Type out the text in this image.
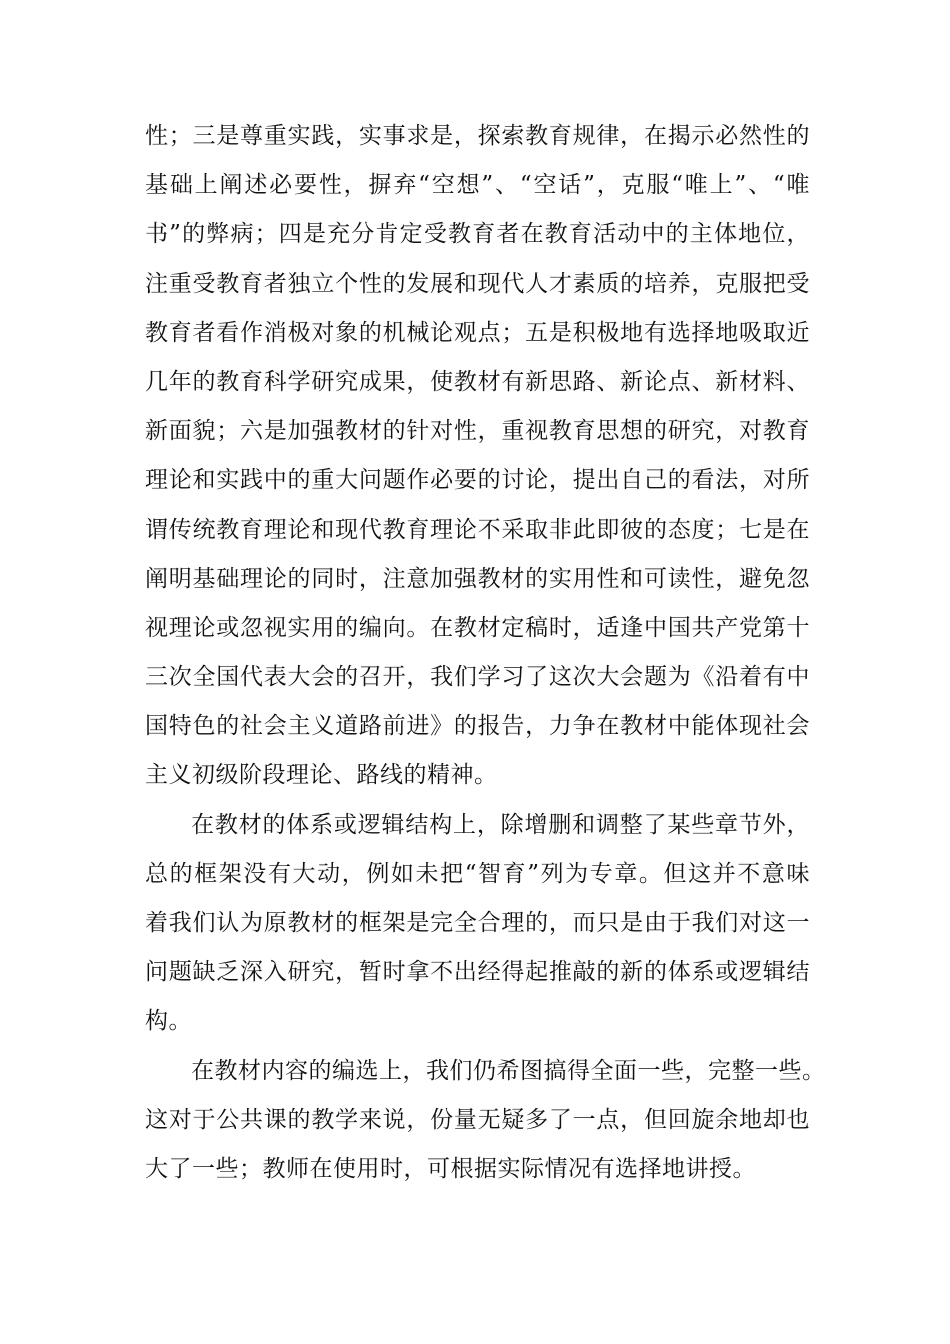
性；三是尊重实践，实事求是，探索教育规律，在揭示必然性的
基础上阐述必要性，摒弃“空想”、“空话”，克服“唯上”、“唯
书”的弊病；四是充分肯定受教育者在教育活动中的主体地位，
注重受教育者独立个性的发展和现代人才素质的培养，克服把受
教育者看作消极对象的机械论观点；五是积极地有选择地吸取近
几年的教育科学研究成果，使教材有新思路、新论点、新材料、
新面貌；六是加强教材的针对性，重视教育思想的研究，对教育
理论和实践中的重大问题作必要的讨论，提出自己的看法，对所
谓传统教育理论和现代教育理论不采取非此即彼的态度；七是在
阐明基础理论的同时，注意加强教材的实用性和可读性，避免忽
视理论或忽视实用的编向。在教材定稿时，适逢中国共产党第十
三次全国代表大会的召开，我们学习了这次大会题为《沿着有中
国特色的社会主义道路前进》的报告，力争在教材中能体现社会
主义初级阶段理论、路线的精神。
在教材的体系或逻辑结构上，除增删和调整了某些章节外，
总的框架没有大动，例如未把“智育”列为专章。但这并不意味
着我们认为原教材的框架是完全合理的，而只是由于我们对这一
问题缺乏深入研究，暂时拿不出经得起推敲的新的体系或逻辑结
构。
在教材内容的编选上，我们仍希图搞得全面一些，完整一些。
这对于公共课的教学来说，份量无疑多了一点，但回旋余地却也
大了一些；教师在使用时，可根据实际情况有选择地讲授。
